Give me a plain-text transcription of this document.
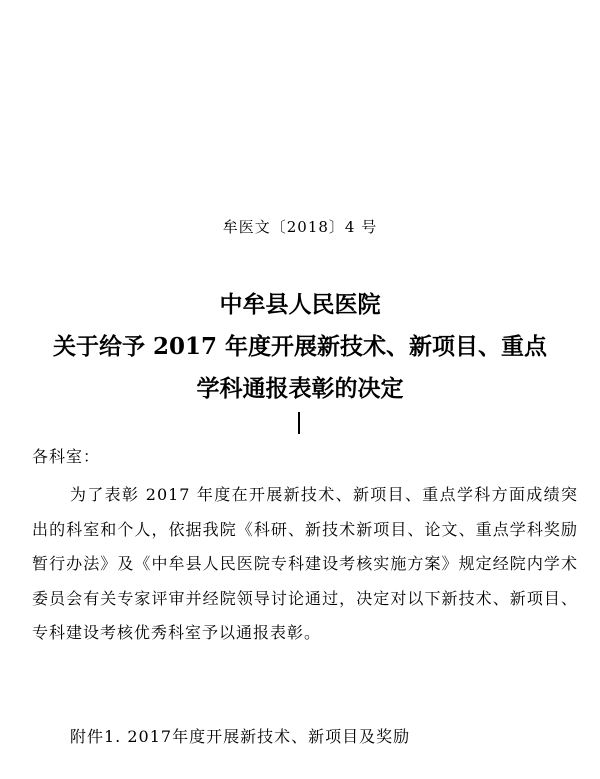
牟医文〔2018〕4 号
中牟县人民医院
关于给予 2017 年度开展新技术、新项目、重点
学科通报表彰的决定
各科室：

为了表彰 2017 年度在开展新技术、新项目、重点学科方面成绩突出的科室和个人，依据我院《科研、新技术新项目、论文、重点学科奖励暂行办法》及《中牟县人民医院专科建设考核实施方案》规定经院内学术委员会有关专家评审并经院领导讨论通过，决定对以下新技术、新项目、专科建设考核优秀科室予以通报表彰。

附件1. 2017年度开展新技术、新项目及奖励
